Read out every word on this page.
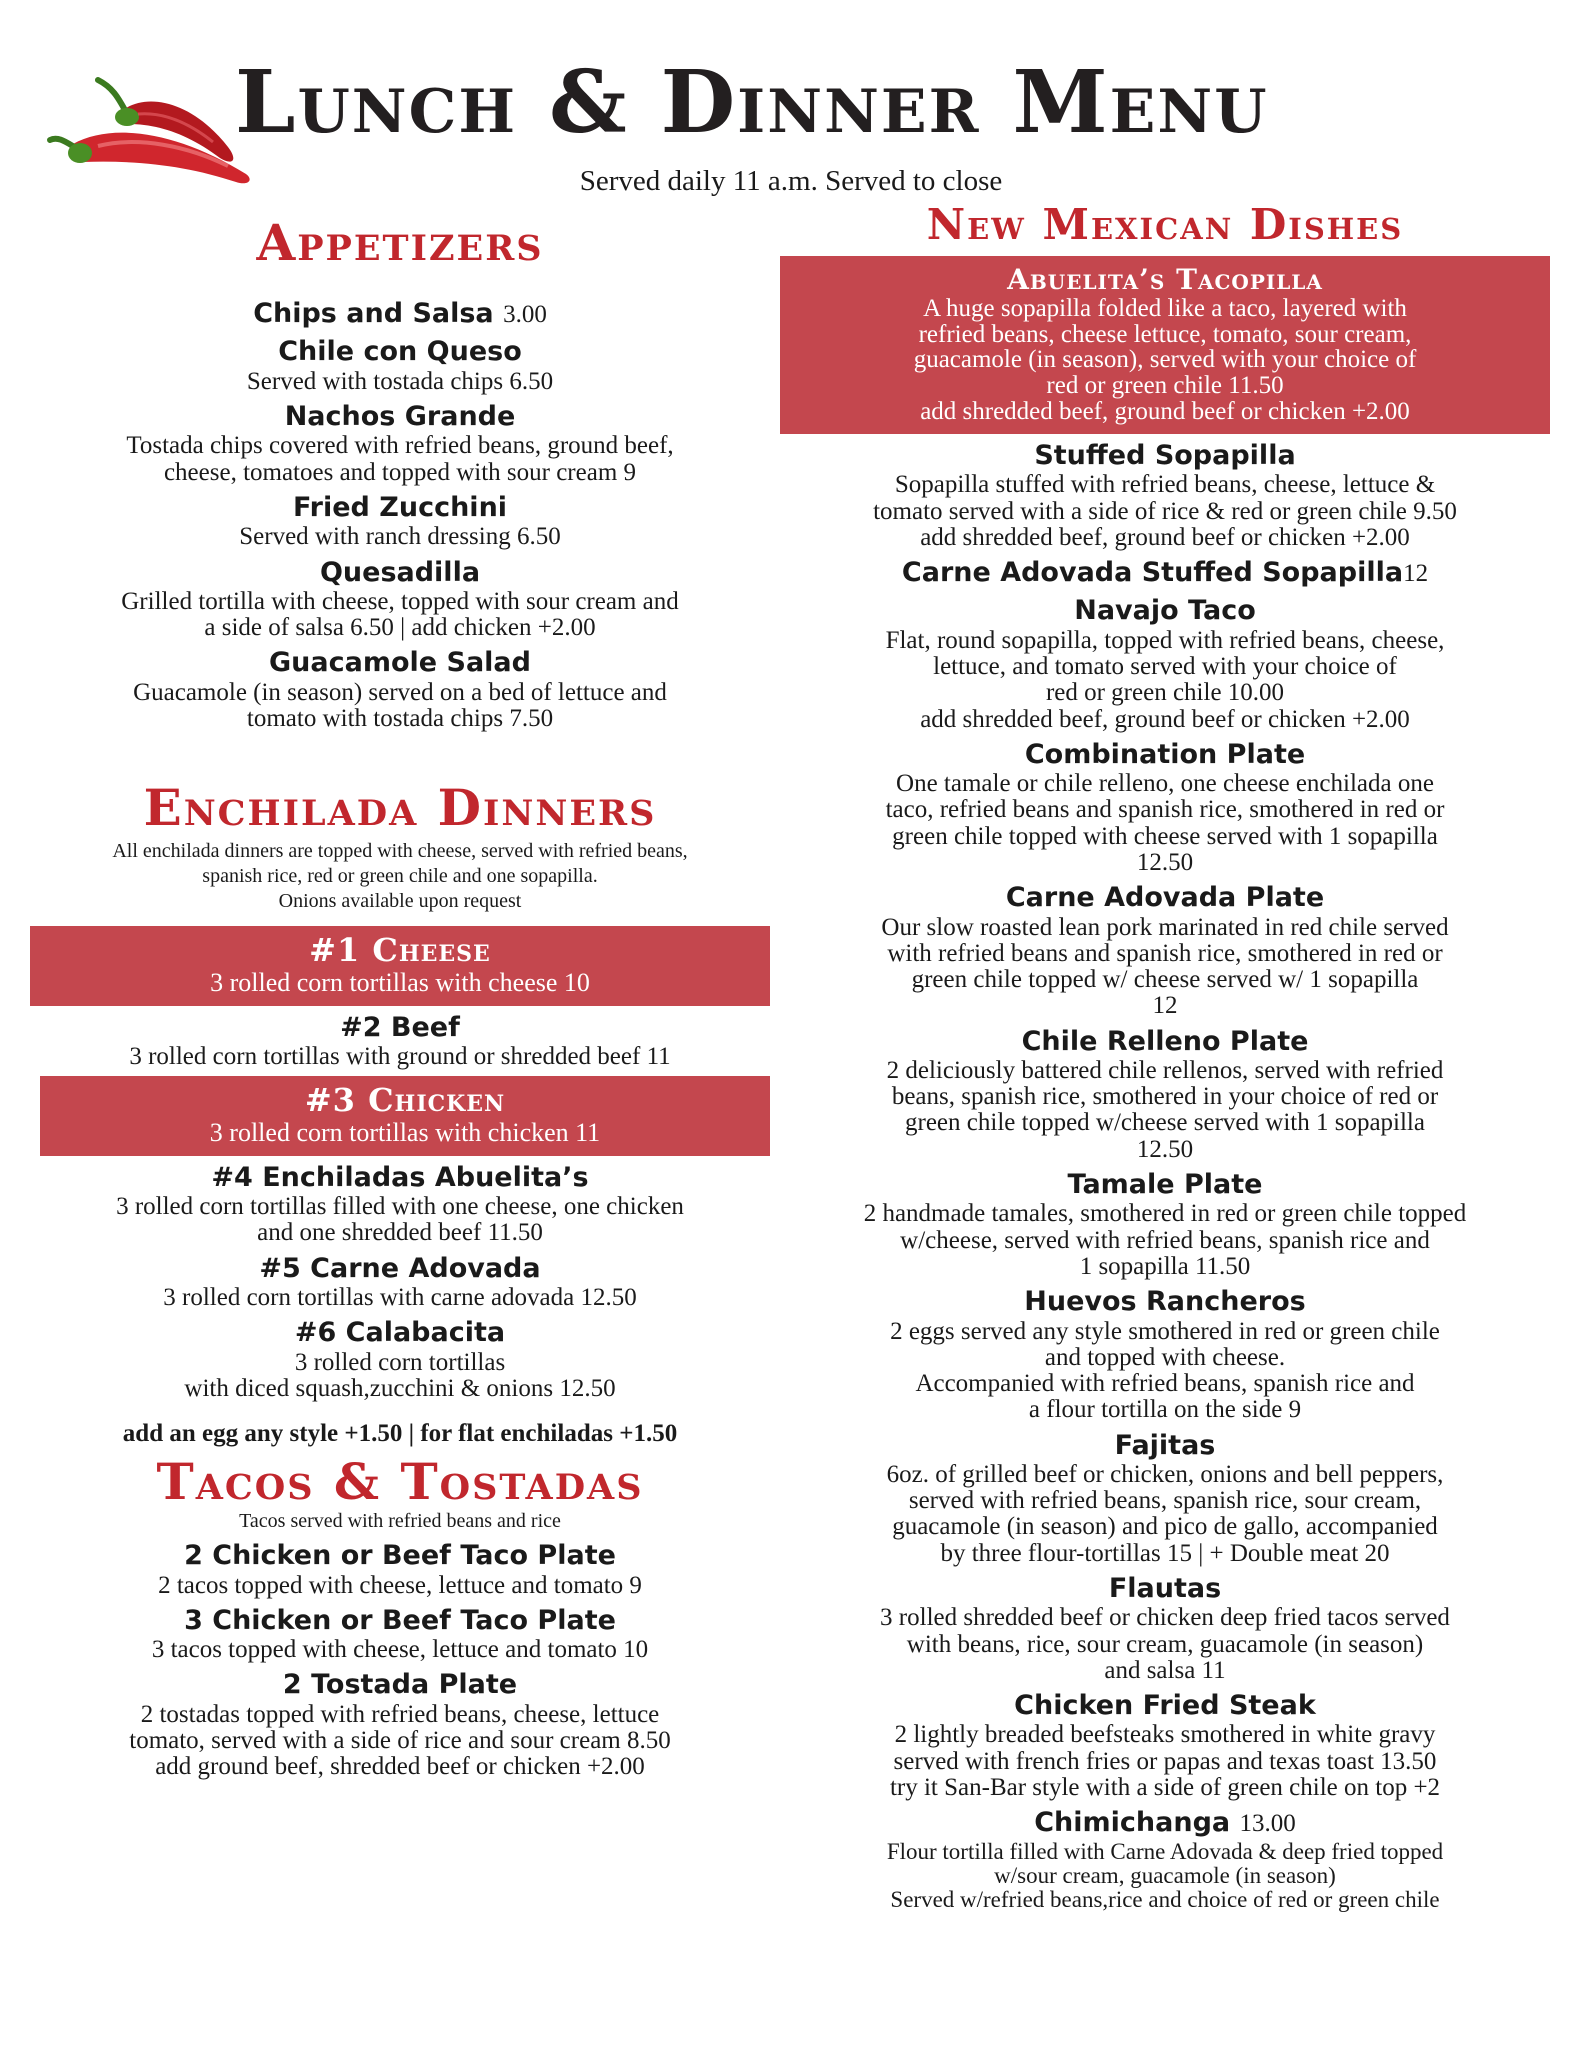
Lunch & Dinner Menu
Served daily 11 a.m. Served to close
Appetizers
Chips and Salsa 3.00
Chile con Queso
Served with tostada chips 6.50
Nachos Grande
Tostada chips covered with refried beans, ground beef,
cheese, tomatoes and topped with sour cream 9
Fried Zucchini
Served with ranch dressing 6.50
Quesadilla
Grilled tortilla with cheese, topped with sour cream and
a side of salsa 6.50 | add chicken +2.00
Guacamole Salad
Guacamole (in season) served on a bed of lettuce and
tomato with tostada chips 7.50
Enchilada Dinners
All enchilada dinners are topped with cheese, served with refried beans,
spanish rice, red or green chile and one sopapilla.
Onions available upon request
#1 Cheese
3 rolled corn tortillas with cheese 10
#2 Beef
3 rolled corn tortillas with ground or shredded beef 11
#3 Chicken
3 rolled corn tortillas with chicken 11
#4 Enchiladas Abuelita’s
3 rolled corn tortillas filled with one cheese, one chicken
and one shredded beef 11.50
#5 Carne Adovada
3 rolled corn tortillas with carne adovada 12.50
#6 Calabacita
3 rolled corn tortillas
with diced squash,zucchini & onions 12.50
add an egg any style +1.50 | for flat enchiladas +1.50
Tacos & Tostadas
Tacos served with refried beans and rice
2 Chicken or Beef Taco Plate
2 tacos topped with cheese, lettuce and tomato 9
3 Chicken or Beef Taco Plate
3 tacos topped with cheese, lettuce and tomato 10
2 Tostada Plate
2 tostadas topped with refried beans, cheese, lettuce
tomato, served with a side of rice and sour cream 8.50
add ground beef, shredded beef or chicken +2.00
New Mexican Dishes
Abuelita’s Tacopilla
A huge sopapilla folded like a taco, layered with
refried beans, cheese lettuce, tomato, sour cream,
guacamole (in season), served with your choice of
red or green chile 11.50
add shredded beef, ground beef or chicken +2.00
Stuffed Sopapilla
Sopapilla stuffed with refried beans, cheese, lettuce &
tomato served with a side of rice & red or green chile 9.50
add shredded beef, ground beef or chicken +2.00
Carne Adovada Stuffed Sopapilla12
Navajo Taco
Flat, round sopapilla, topped with refried beans, cheese,
lettuce, and tomato served with your choice of
red or green chile 10.00
add shredded beef, ground beef or chicken +2.00
Combination Plate
One tamale or chile relleno, one cheese enchilada one
taco, refried beans and spanish rice, smothered in red or
green chile topped with cheese served with 1 sopapilla
12.50
Carne Adovada Plate
Our slow roasted lean pork marinated in red chile served
with refried beans and spanish rice, smothered in red or
green chile topped w/ cheese served w/ 1 sopapilla
12
Chile Relleno Plate
2 deliciously battered chile rellenos, served with refried
beans, spanish rice, smothered in your choice of red or
green chile topped w/cheese served with 1 sopapilla
12.50
Tamale Plate
2 handmade tamales, smothered in red or green chile topped
w/cheese, served with refried beans, spanish rice and
1 sopapilla 11.50
Huevos Rancheros
2 eggs served any style smothered in red or green chile
and topped with cheese.
Accompanied with refried beans, spanish rice and
a flour tortilla on the side 9
Fajitas
6oz. of grilled beef or chicken, onions and bell peppers,
served with refried beans, spanish rice, sour cream,
guacamole (in season) and pico de gallo, accompanied
by three flour-tortillas 15 | + Double meat 20
Flautas
3 rolled shredded beef or chicken deep fried tacos served
with beans, rice, sour cream, guacamole (in season)
and salsa 11
Chicken Fried Steak
2 lightly breaded beefsteaks smothered in white gravy
served with french fries or papas and texas toast 13.50
try it San-Bar style with a side of green chile on top +2
Chimichanga 13.00
Flour tortilla filled with Carne Adovada & deep fried topped
w/sour cream, guacamole (in season)
Served w/refried beans,rice and choice of red or green chile
